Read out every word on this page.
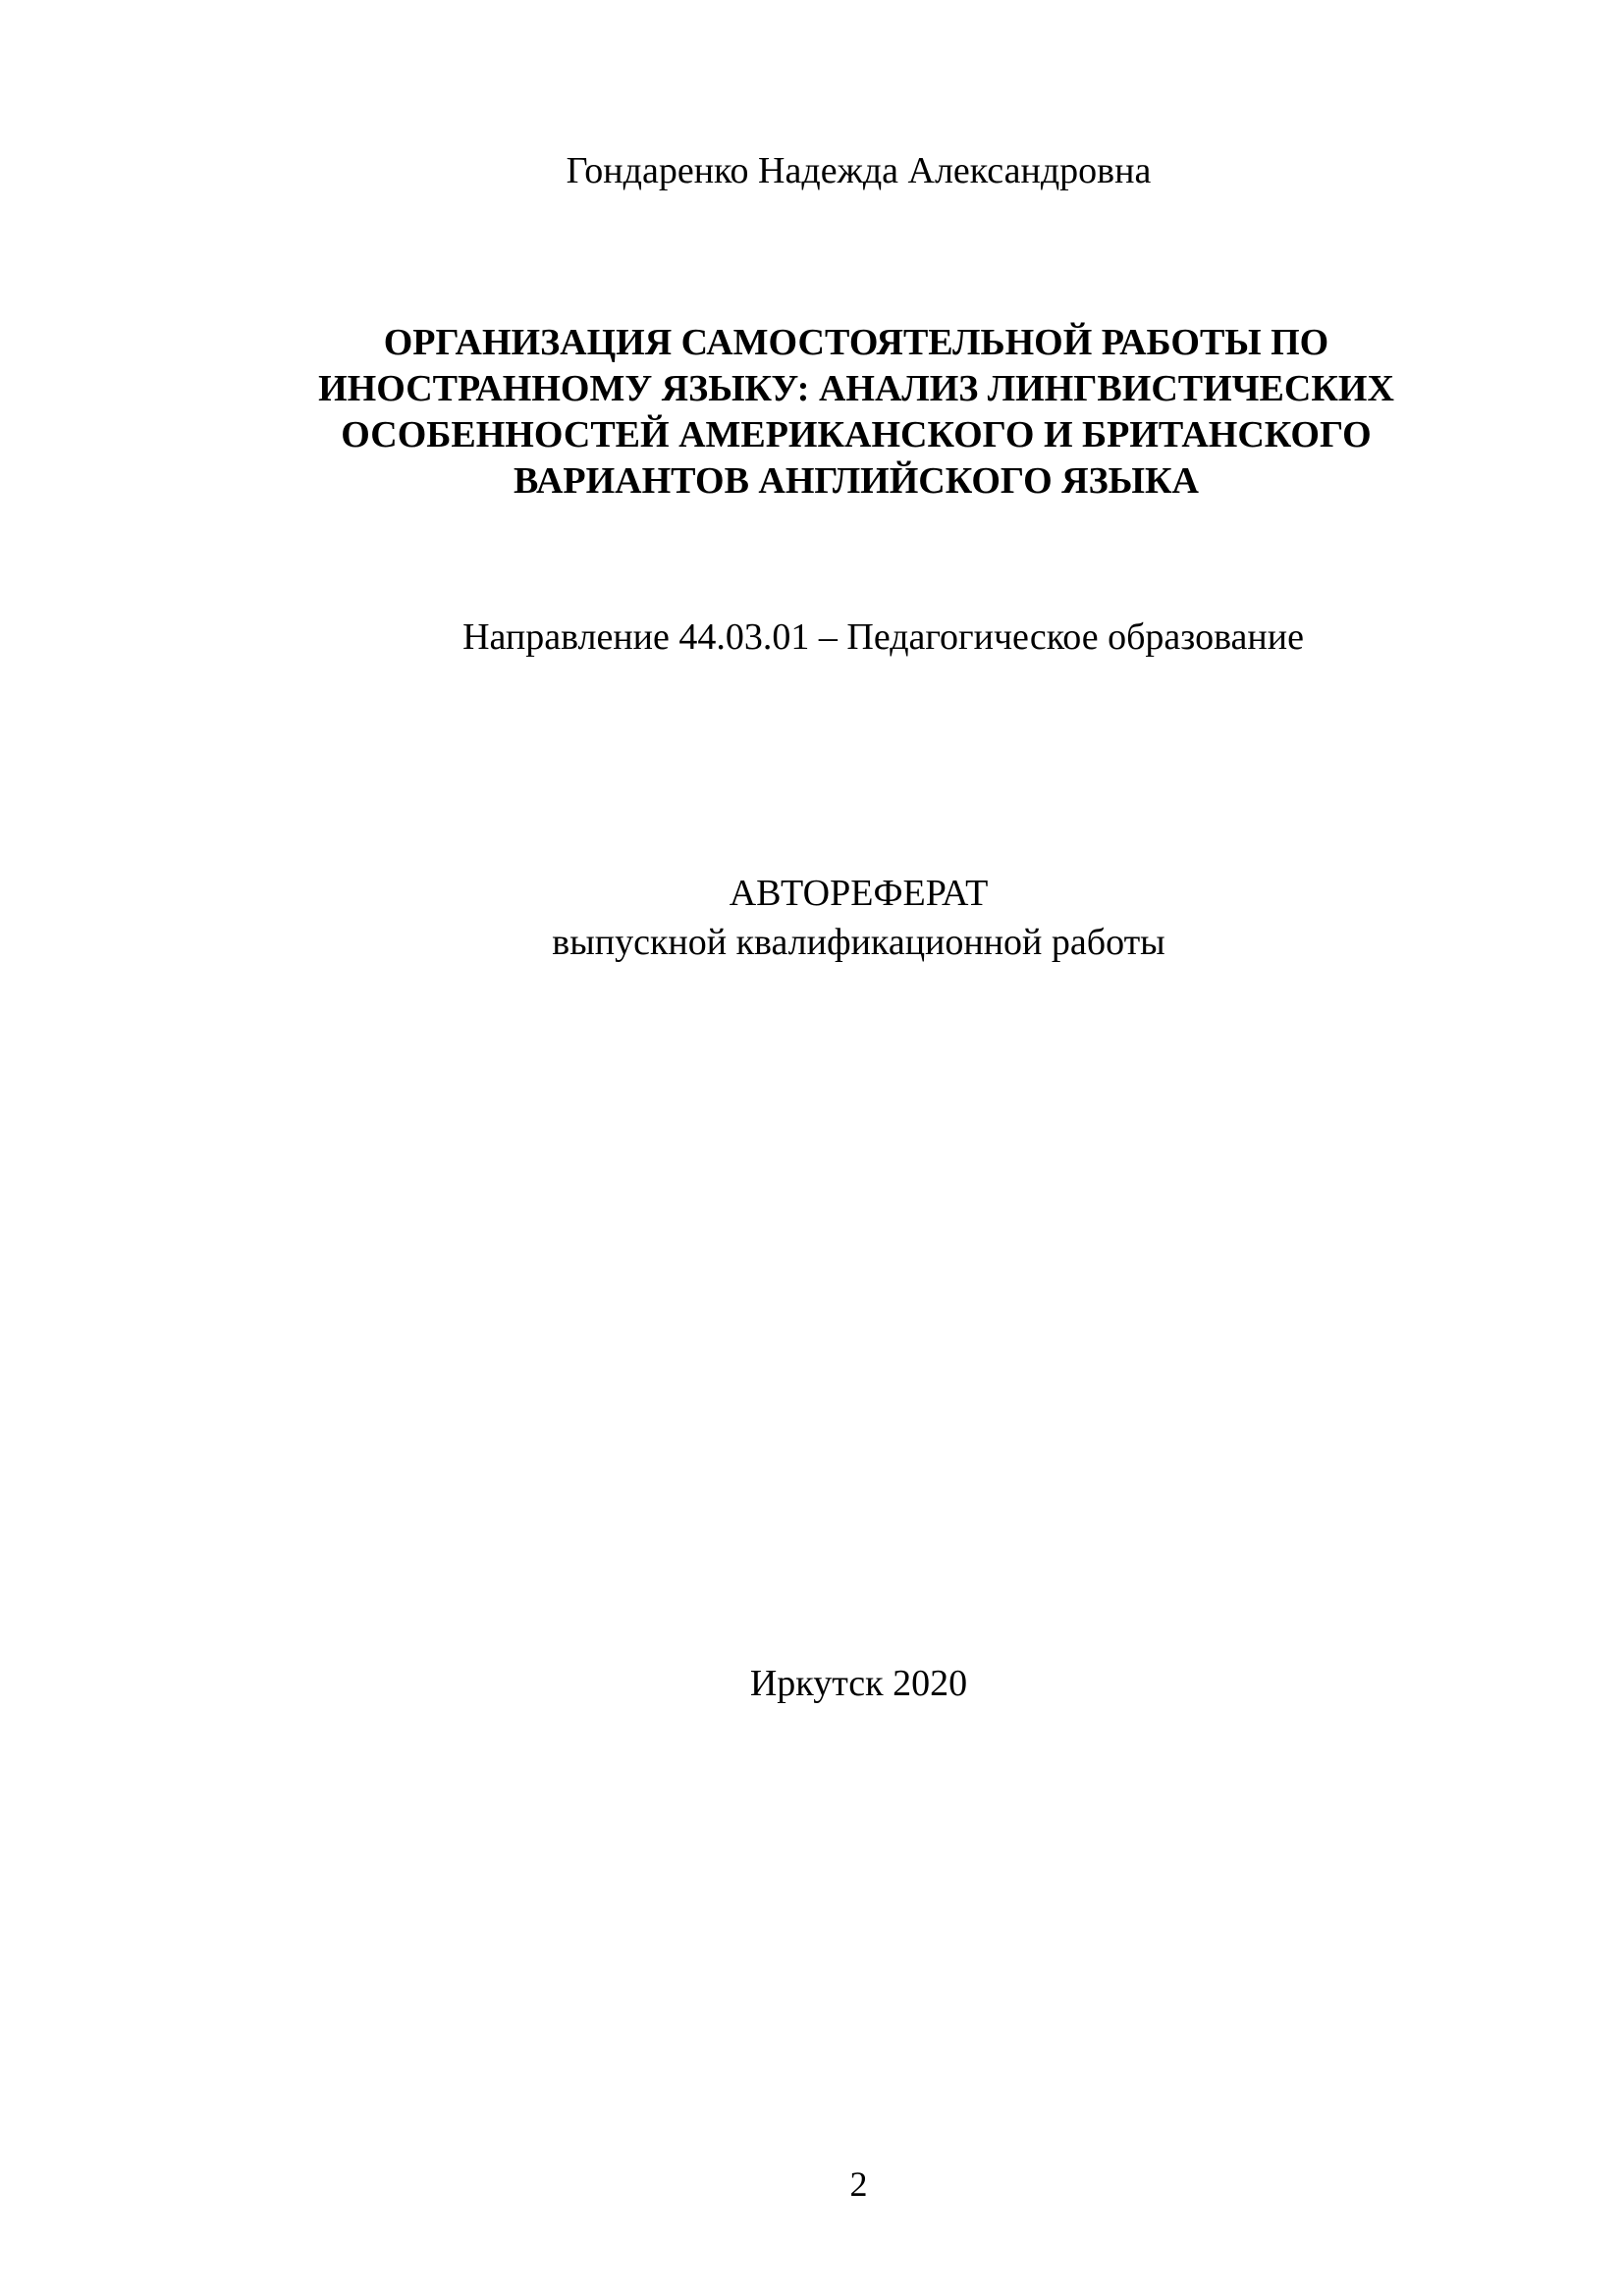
Гондаренко Надежда Александровна
ОРГАНИЗАЦИЯ САМОСТОЯТЕЛЬНОЙ РАБОТЫ ПО
ИНОСТРАННОМУ ЯЗЫКУ: АНАЛИЗ ЛИНГВИСТИЧЕСКИХ
ОСОБЕННОСТЕЙ АМЕРИКАНСКОГО И БРИТАНСКОГО
ВАРИАНТОВ АНГЛИЙСКОГО ЯЗЫКА
Направление 44.03.01 – Педагогическое образование
АВТОРЕФЕРАТ
выпускной квалификационной работы
Иркутск 2020
2
